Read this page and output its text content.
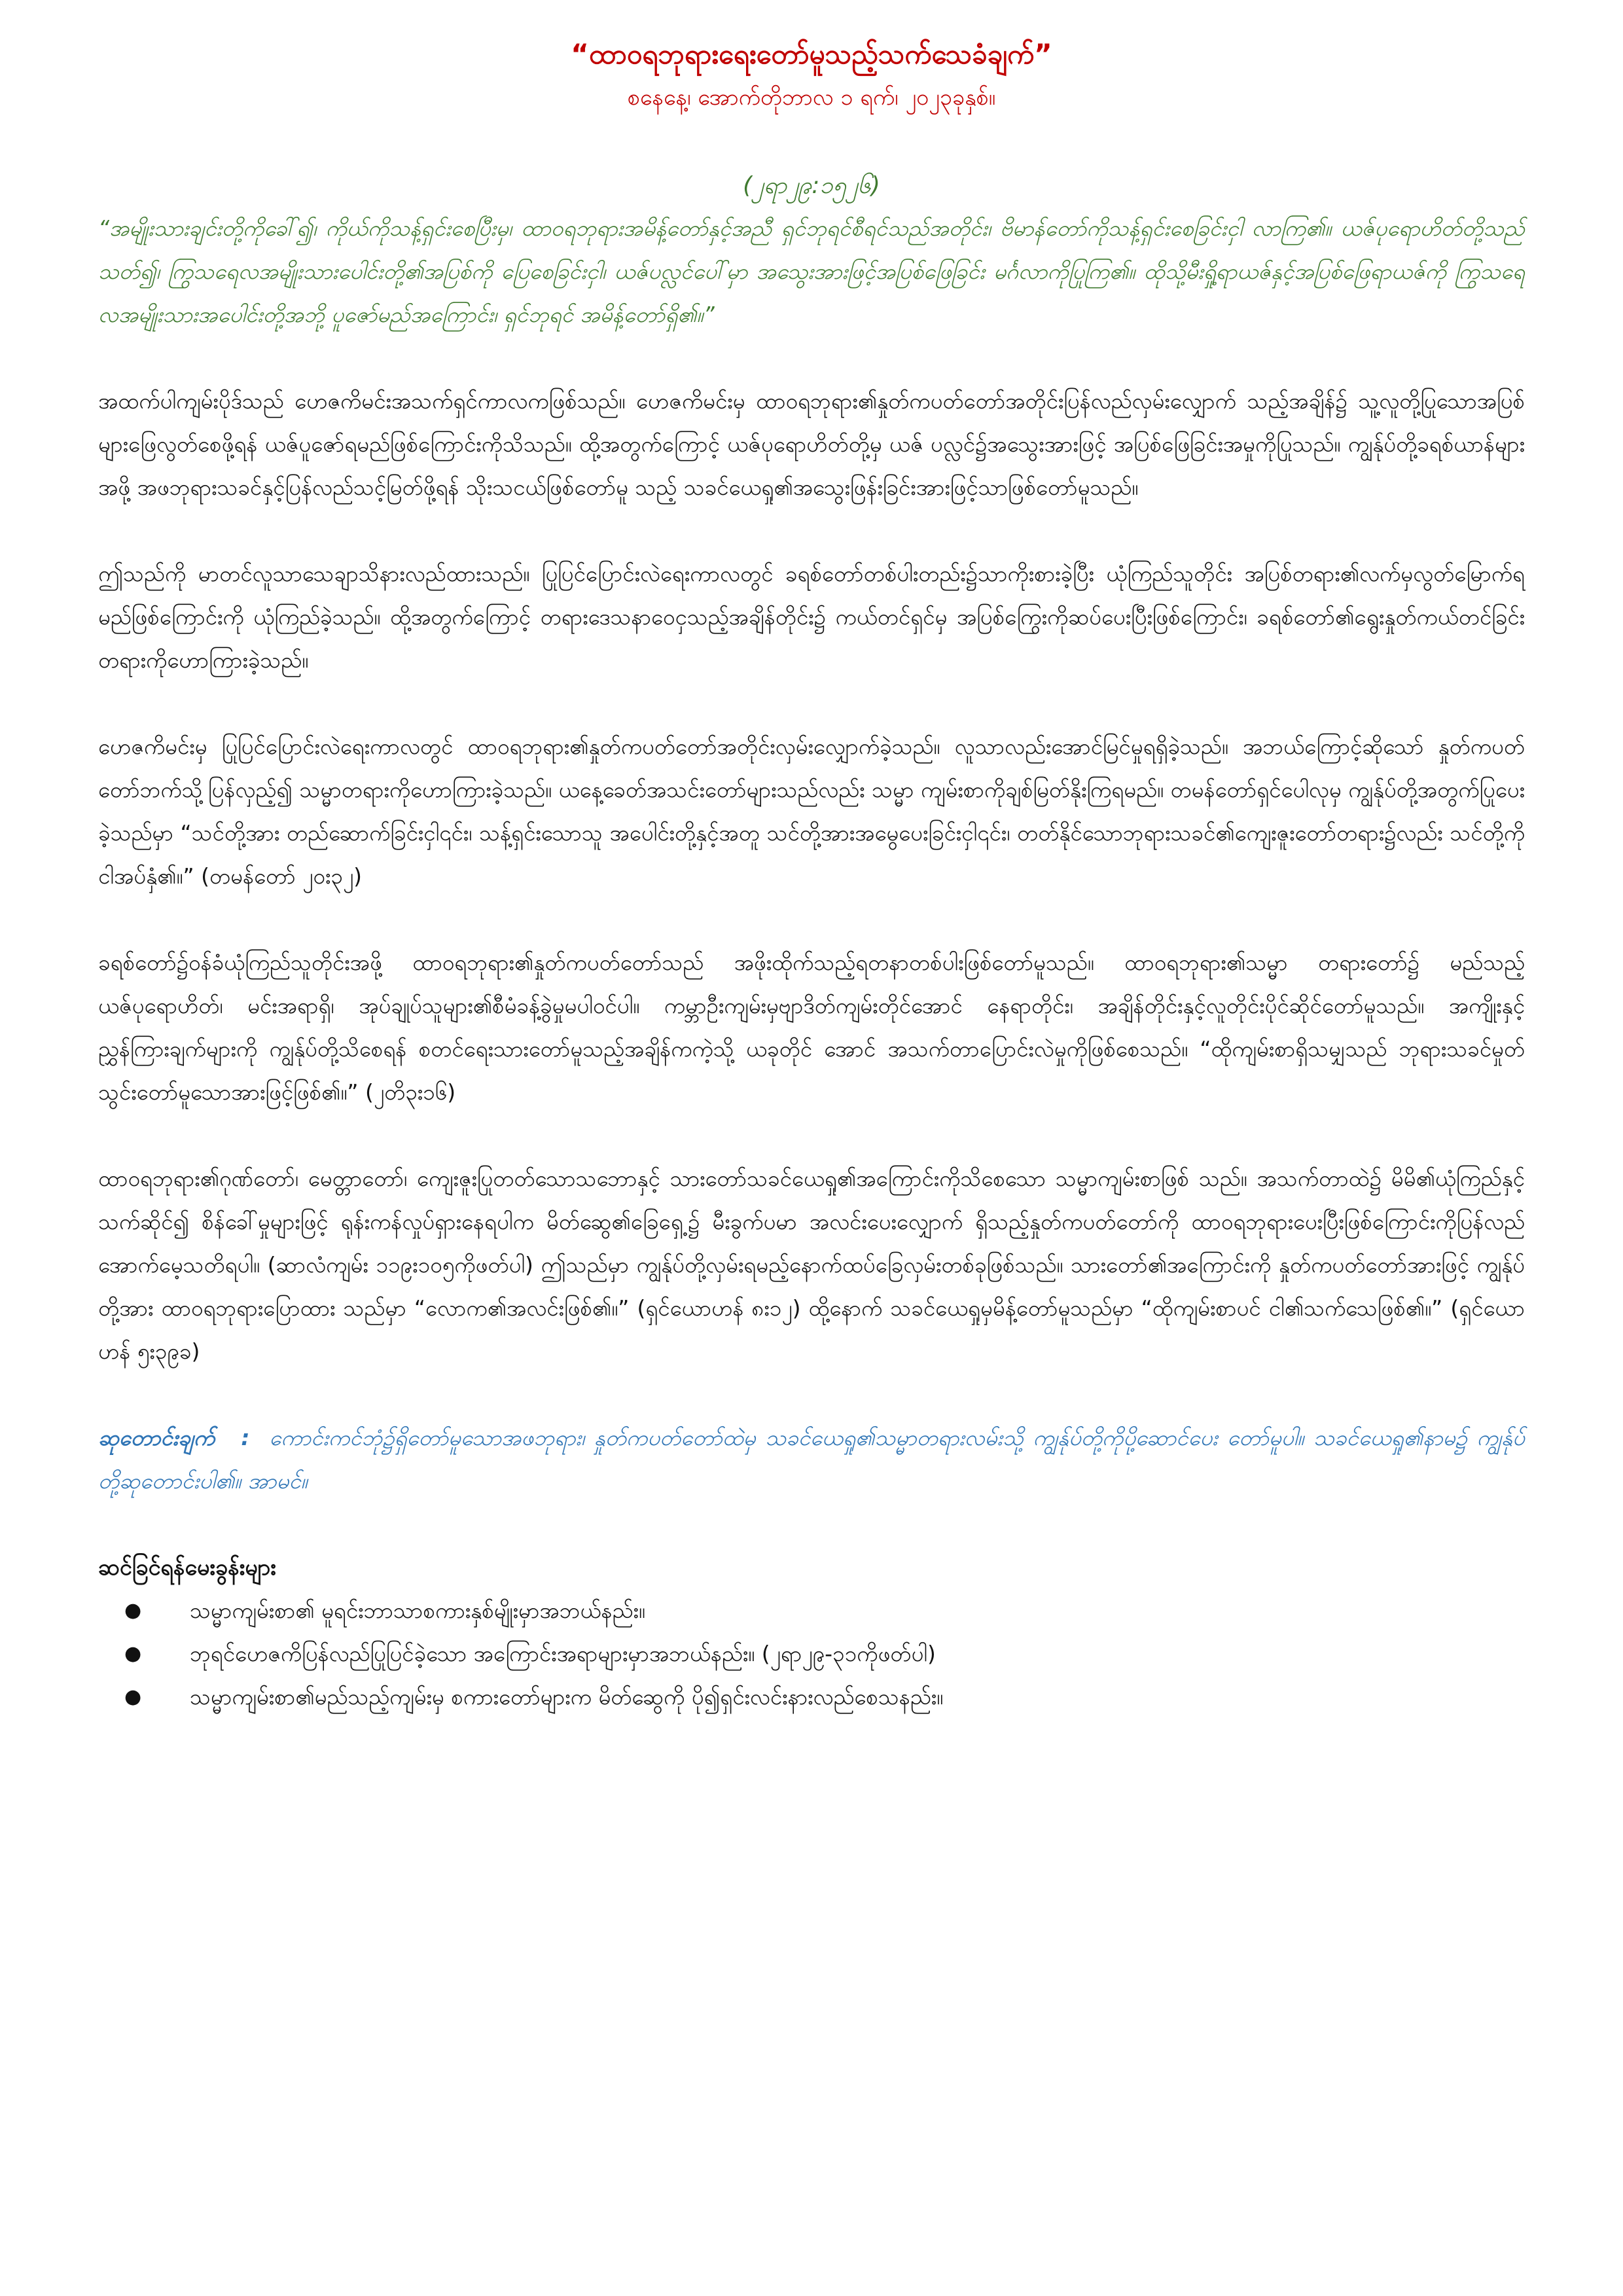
“ထာဝရဘုရားရေးတော်မူသည့်သက်သေခံချက်”

စနေနေ့၊ အောက်တိုဘာလ ၁ ရက်၊ ၂၀၂၃ခုနှစ်။

(၂ရာ၂၉:၁၅၂၆)

“အမျိုးသားချင်းတို့ကိုခေါ်၍၊ ကိုယ်ကိုသန့်ရှင်းစေပြီးမှ၊ ထာဝရဘုရားအမိန့်တော်နှင့်အညီ ရှင်ဘုရင်စီရင်သည်အတိုင်း၊ ဗိမာန်တော်ကိုသန့်ရှင်းစေခြင်းငှါ လာကြ၏။ ယဇ်ပုရောဟိတ်တို့သည်သတ်၍၊ ကြွသရေလအမျိုးသားပေါင်းတို့၏အပြစ်ကို ပြေစေခြင်းငှါ၊ ယဇ်ပလ္လင်ပေါ်မှာ အသွေးအားဖြင့်အပြစ်ဖြေခြင်း မင်္ဂလာကိုပြုကြ၏။ ထိုသို့မီးရှို့ရာယဇ်နှင့်အပြစ်ဖြေရာယဇ်ကို ကြွသရေလအမျိုးသားအပေါင်းတို့အဘို့ ပူဇော်မည်အကြောင်း၊ ရှင်ဘုရင် အမိန့်တော်ရှိ၏။”

အထက်ပါကျမ်းပိုဒ်သည် ဟေဇကိမင်းအသက်ရှင်ကာလကဖြစ်သည်။ ဟေဇကိမင်းမှ ထာဝရဘုရား၏နှုတ်ကပတ်တော်အတိုင်းပြန်လည်လှမ်းလျှောက် သည့်အချိန်၌ သူ့လူတို့ပြုသောအပြစ်များဖြေလွတ်စေဖို့ရန် ယဇ်ပူဇော်ရမည်ဖြစ်ကြောင်းကိုသိသည်။ ထို့အတွက်ကြောင့် ယဇ်ပုရောဟိတ်တို့မှ ယဇ် ပလ္လင်၌အသွေးအားဖြင့် အပြစ်ဖြေခြင်းအမှုကိုပြုသည်။ ကျွန်ုပ်တို့ခရစ်ယာန်များအဖို့ အဖဘုရားသခင်နှင့်ပြန်လည်သင့်မြတ်ဖို့ရန် သိုးသငယ်ဖြစ်တော်မူ သည့် သခင်ယေရှု၏အသွေးဖြန်းခြင်းအားဖြင့်သာဖြစ်တော်မူသည်။

ဤသည်ကို မာတင်လူသာသေချာသိနားလည်ထားသည်။ ပြုပြင်ပြောင်းလဲရေးကာလတွင် ခရစ်တော်တစ်ပါးတည်း၌သာကိုးစားခဲ့ပြီး ယုံကြည်သူတိုင်း အပြစ်တရား၏လက်မှလွတ်မြောက်ရမည်ဖြစ်ကြောင်းကို ယုံကြည်ခဲ့သည်။ ထို့အတွက်ကြောင့် တရားဒေသနာဝေငှသည့်အချိန်တိုင်း၌ ကယ်တင်ရှင်မှ အပြစ်ကြွေးကိုဆပ်ပေးပြီးဖြစ်ကြောင်း၊ ခရစ်တော်၏ရွေးနှုတ်ကယ်တင်ခြင်းတရားကိုဟောကြားခဲ့သည်။

ဟေဇကိမင်းမှ ပြုပြင်ပြောင်းလဲရေးကာလတွင် ထာဝရဘုရား၏နှုတ်ကပတ်တော်အတိုင်းလှမ်းလျှောက်ခဲ့သည်။ လူသာလည်းအောင်မြင်မှုရရှိခဲ့သည်။ အဘယ်ကြောင့်ဆိုသော် နှုတ်ကပတ်တော်ဘက်သို့ပြန်လှည့်၍ သမ္မာတရားကိုဟောကြားခဲ့သည်။ ယနေ့ခေတ်အသင်းတော်များသည်လည်း သမ္မာ ကျမ်းစာကိုချစ်မြတ်နိုးကြရမည်။ တမန်တော်ရှင်ပေါလုမှ ကျွန်ုပ်တို့အတွက်ပြုပေးခဲ့သည်မှာ “သင်တို့အား တည်ဆောက်ခြင်းငှါ၎င်း၊ သန့်ရှင်းသောသူ အပေါင်းတို့နှင့်အတူ သင်တို့အားအမွေပေးခြင်းငှါ၎င်း၊ တတ်နိုင်သောဘုရားသခင်၏ကျေးဇူးတော်တရား၌လည်း သင်တို့ကို ငါအပ်နှံ၏။” (တမန်တော် ၂၀း၃၂)

ခရစ်တော်၌ဝန်ခံယုံကြည်သူတိုင်းအဖို့ ထာဝရဘုရား၏နှုတ်ကပတ်တော်သည် အဖိုးထိုက်သည့်ရတနာတစ်ပါးဖြစ်တော်မူသည်။ ထာဝရဘုရား၏သမ္မာ တရားတော်၌ မည်သည့်ယဇ်ပုရောဟိတ်၊ မင်းအရာရှိ၊ အုပ်ချုပ်သူများ၏စီမံခန့်ခွဲမှုမပါဝင်ပါ။ ကမ္ဘာဦးကျမ်းမှဗျာဒိတ်ကျမ်းတိုင်အောင် နေရာတိုင်း၊ အချိန်တိုင်းနှင့်လူတိုင်းပိုင်ဆိုင်တော်မူသည်။ အကျိုးနှင့်ညွှန်ကြားချက်များကို ကျွန်ုပ်တို့သိစေရန် စတင်ရေးသားတော်မူသည့်အချိန်ကကဲ့သို့ ယခုတိုင် အောင် အသက်တာပြောင်းလဲမှုကိုဖြစ်စေသည်။ “ထိုကျမ်းစာရှိသမျှသည် ဘုရားသခင်မှုတ်သွင်းတော်မူသောအားဖြင့်ဖြစ်၏။” (၂တိ၃း၁၆)

ထာဝရဘုရား၏ဂုဏ်တော်၊ မေတ္တာတော်၊ ကျေးဇူးပြုတတ်သောသဘောနှင့် သားတော်သခင်ယေရှု၏အကြောင်းကိုသိစေသော သမ္မာကျမ်းစာဖြစ် သည်။ အသက်တာထဲ၌ မိမိ၏ယုံကြည်နှင့်သက်ဆိုင်၍ စိန်ခေါ်မှုများဖြင့် ရုန်းကန်လှုပ်ရှားနေရပါက မိတ်ဆွေ၏ခြေရှေ့၌ မီးခွက်ပမာ အလင်းပေးလျှောက် ရှိသည့်နှုတ်ကပတ်တော်ကို ထာဝရဘုရားပေးပြီးဖြစ်ကြောင်းကိုပြန်လည်အောက်မေ့သတိရပါ။ (ဆာလံကျမ်း ၁၁၉း၁၀၅ကိုဖတ်ပါ) ဤသည်မှာ ကျွန်ုပ်တို့လှမ်းရမည့်နောက်ထပ်ခြေလှမ်းတစ်ခုဖြစ်သည်။ သားတော်၏အကြောင်းကို နှုတ်ကပတ်တော်အားဖြင့် ကျွန်ုပ်တို့အား ထာဝရဘုရားပြောထား သည်မှာ “လောက၏အလင်းဖြစ်၏။” (ရှင်ယောဟန် ၈း၁၂) ထို့နောက် သခင်ယေရှုမှမိန့်တော်မူသည်မှာ “ထိုကျမ်းစာပင် ငါ၏သက်သေဖြစ်၏။” (ရှင်ယောဟန် ၅း၃၉ခ)

ဆုတောင်းချက် : ကောင်းကင်ဘုံ၌ရှိတော်မူသောအဖဘုရား၊ နှုတ်ကပတ်တော်ထဲမှ သခင်ယေရှု၏သမ္မာတရားလမ်းသို့ ကျွန်ုပ်တို့ကိုပို့ဆောင်ပေး တော်မူပါ။ သခင်ယေရှု၏နာမ၌ ကျွန်ုပ်တို့ဆုတောင်းပါ၏။ အာမင်။

ဆင်ခြင်ရန်မေးခွန်းများ

● သမ္မာကျမ်းစာ၏ မူရင်းဘာသာစကားနှစ်မျိုးမှာအဘယ်နည်း။
● ဘုရင်ဟေဇကိပြန်လည်ပြုပြင်ခဲ့သော အကြောင်းအရာများမှာအဘယ်နည်း။ (၂ရာ၂၉-၃၁ကိုဖတ်ပါ)
● သမ္မာကျမ်းစာ၏မည်သည့်ကျမ်းမှ စကားတော်များက မိတ်ဆွေကို ပို၍ရှင်းလင်းနားလည်စေသနည်း။
